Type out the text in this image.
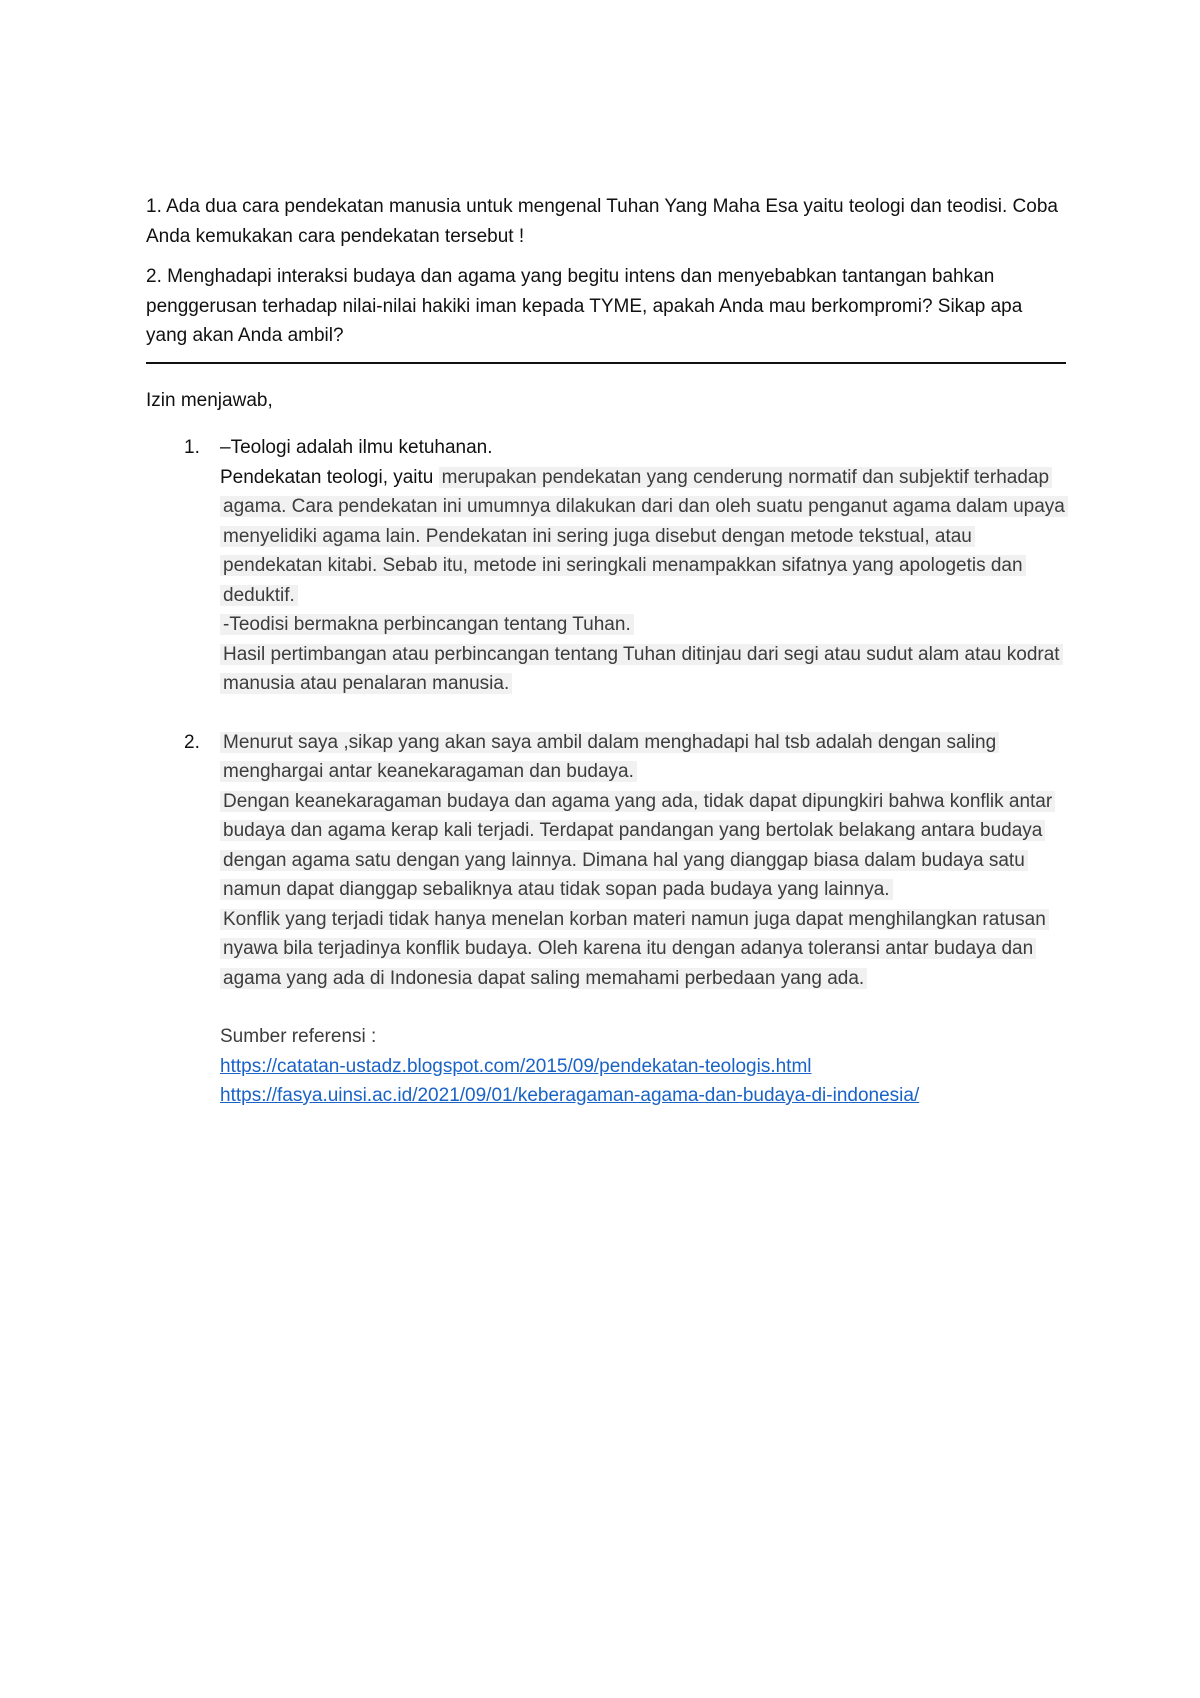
1. Ada dua cara pendekatan manusia untuk mengenal Tuhan Yang Maha Esa yaitu teologi dan teodisi. Coba Anda kemukakan cara pendekatan tersebut !

2. Menghadapi interaksi budaya dan agama yang begitu intens dan menyebabkan tantangan bahkan penggerusan terhadap nilai-nilai hakiki iman kepada TYME, apakah Anda mau berkompromi? Sikap apa yang akan Anda ambil?

Izin menjawab,

1. –Teologi adalah ilmu ketuhanan.
Pendekatan teologi, yaitu merupakan pendekatan yang cenderung normatif dan subjektif terhadap agama. Cara pendekatan ini umumnya dilakukan dari dan oleh suatu penganut agama dalam upaya menyelidiki agama lain. Pendekatan ini sering juga disebut dengan metode tekstual, atau pendekatan kitabi. Sebab itu, metode ini seringkali menampakkan sifatnya yang apologetis dan deduktif.
-Teodisi bermakna perbincangan tentang Tuhan.
Hasil pertimbangan atau perbincangan tentang Tuhan ditinjau dari segi atau sudut alam atau kodrat manusia atau penalaran manusia.
2. Menurut saya ,sikap yang akan saya ambil dalam menghadapi hal tsb adalah dengan saling menghargai antar keanekaragaman dan budaya.
Dengan keanekaragaman budaya dan agama yang ada, tidak dapat dipungkiri bahwa konflik antar budaya dan agama kerap kali terjadi. Terdapat pandangan yang bertolak belakang antara budaya dengan agama satu dengan yang lainnya. Dimana hal yang dianggap biasa dalam budaya satu namun dapat dianggap sebaliknya atau tidak sopan pada budaya yang lainnya.
Konflik yang terjadi tidak hanya menelan korban materi namun juga dapat menghilangkan ratusan nyawa bila terjadinya konflik budaya. Oleh karena itu dengan adanya toleransi antar budaya dan agama yang ada di Indonesia dapat saling memahami perbedaan yang ada.
Sumber referensi :
https://catatan-ustadz.blogspot.com/2015/09/pendekatan-teologis.html
https://fasya.uinsi.ac.id/2021/09/01/keberagaman-agama-dan-budaya-di-indonesia/
